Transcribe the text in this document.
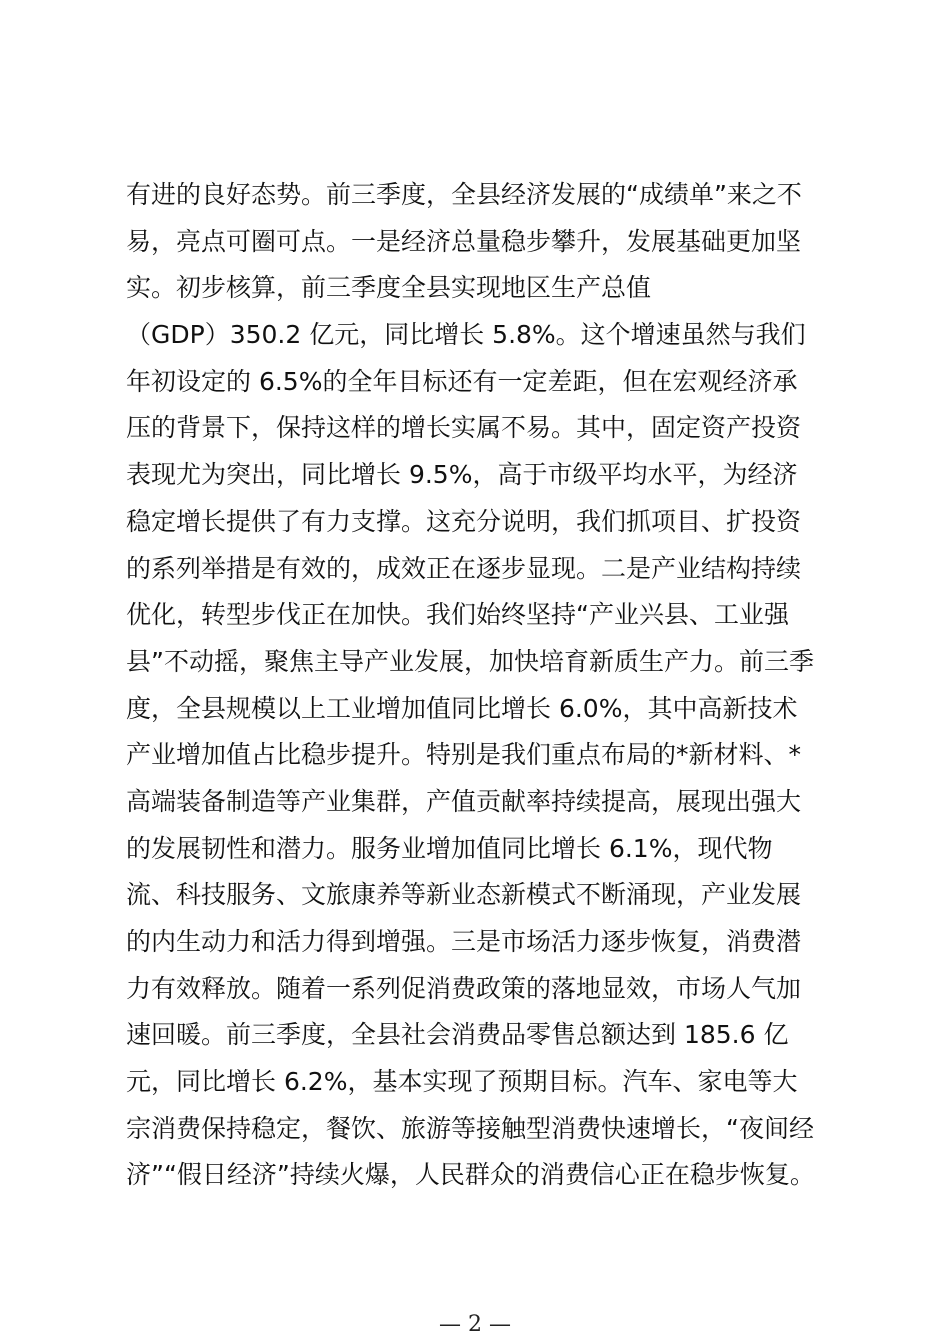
有进的良好态势。前三季度，全县经济发展的“成绩单”来之不
易，亮点可圈可点。一是经济总量稳步攀升，发展基础更加坚
实。初步核算，前三季度全县实现地区生产总值
（GDP）350.2 亿元，同比增长 5.8%。这个增速虽然与我们
年初设定的 6.5%的全年目标还有一定差距，但在宏观经济承
压的背景下，保持这样的增长实属不易。其中，固定资产投资
表现尤为突出，同比增长 9.5%，高于市级平均水平，为经济
稳定增长提供了有力支撑。这充分说明，我们抓项目、扩投资
的系列举措是有效的，成效正在逐步显现。二是产业结构持续
优化，转型步伐正在加快。我们始终坚持“产业兴县、工业强
县”不动摇，聚焦主导产业发展，加快培育新质生产力。前三季
度，全县规模以上工业增加值同比增长 6.0%，其中高新技术
产业增加值占比稳步提升。特别是我们重点布局的*新材料、*
高端装备制造等产业集群，产值贡献率持续提高，展现出强大
的发展韧性和潜力。服务业增加值同比增长 6.1%，现代物
流、科技服务、文旅康养等新业态新模式不断涌现，产业发展
的内生动力和活力得到增强。三是市场活力逐步恢复，消费潜
力有效释放。随着一系列促消费政策的落地显效，市场人气加
速回暖。前三季度，全县社会消费品零售总额达到 185.6 亿
元，同比增长 6.2%，基本实现了预期目标。汽车、家电等大
宗消费保持稳定，餐饮、旅游等接触型消费快速增长，“夜间经
济”“假日经济”持续火爆，人民群众的消费信心正在稳步恢复。
— 2 —
